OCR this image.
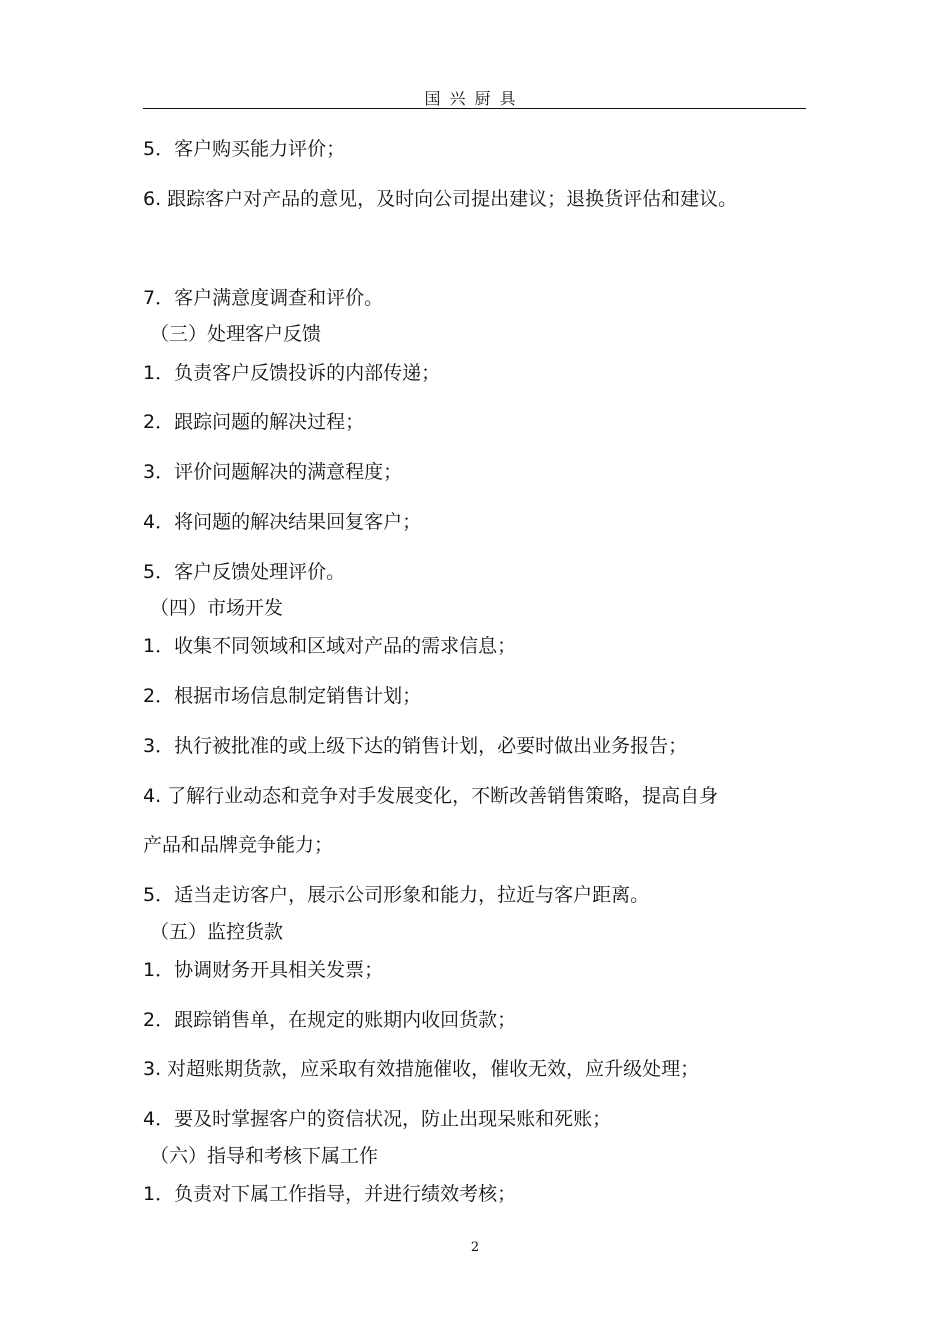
国兴厨具
5．客户购买能力评价；
6. 跟踪客户对产品的意见，及时向公司提出建议；退换货评估和建议。
7．客户满意度调查和评价。
（三）处理客户反馈
1．负责客户反馈投诉的内部传递；
2．跟踪问题的解决过程；
3．评价问题解决的满意程度；
4．将问题的解决结果回复客户；
5．客户反馈处理评价。
（四）市场开发
1．收集不同领域和区域对产品的需求信息；
2．根据市场信息制定销售计划；
3．执行被批准的或上级下达的销售计划，必要时做出业务报告；
4. 了解行业动态和竞争对手发展变化，不断改善销售策略，提高自身
产品和品牌竞争能力；
5．适当走访客户，展示公司形象和能力，拉近与客户距离。
（五）监控货款
1．协调财务开具相关发票；
2．跟踪销售单，在规定的账期内收回货款；
3. 对超账期货款，应采取有效措施催收，催收无效，应升级处理；
4．要及时掌握客户的资信状况，防止出现呆账和死账；
（六）指导和考核下属工作
1．负责对下属工作指导，并进行绩效考核；
2
